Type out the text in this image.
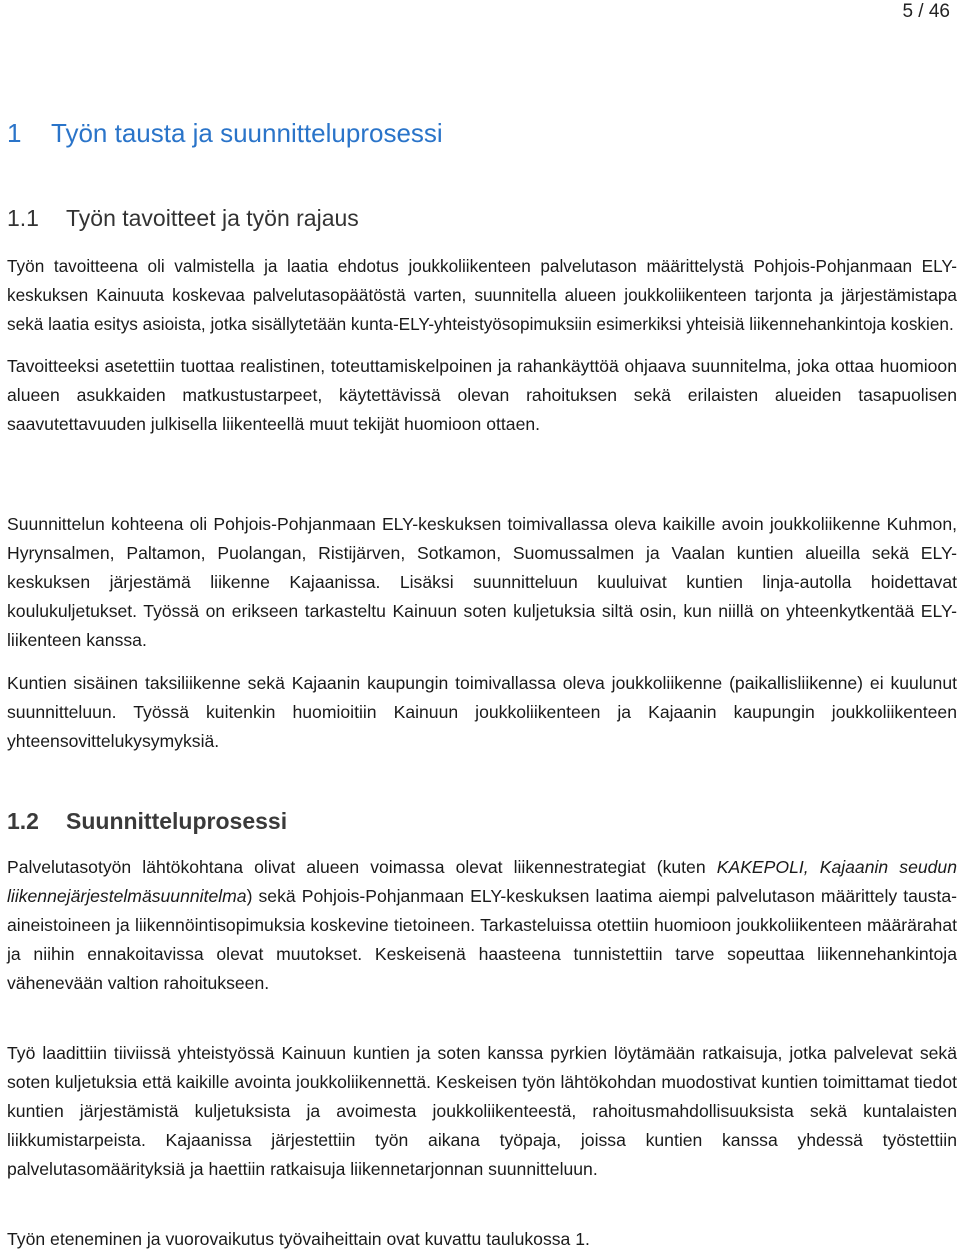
5 / 46
1 Työn tausta ja suunnitteluprosessi
1.1 Työn tavoitteet ja työn rajaus

Työn tavoitteena oli valmistella ja laatia ehdotus joukkoliikenteen palvelutason määrittelystä Pohjois-Pohjanmaan ELY-keskuksen Kainuuta koskevaa palvelutasopäätöstä varten, suunnitella alueen joukkoliikenteen tarjonta ja järjestämistapa sekä laatia esitys asioista, jotka sisällytetään kunta-ELY-yhteistyösopimuksiin esimerkiksi yhteisiä liikennehankintoja koskien.

Tavoitteeksi asetettiin tuottaa realistinen, toteuttamiskelpoinen ja rahankäyttöä ohjaava suunnitelma, joka ottaa huomioon alueen asukkaiden matkustustarpeet, käytettävissä olevan rahoituksen sekä erilaisten alueiden tasapuolisen saavutettavuuden julkisella liikenteellä muut tekijät huomioon ottaen.

Suunnittelun kohteena oli Pohjois-Pohjanmaan ELY-keskuksen toimivallassa oleva kaikille avoin joukkoliikenne Kuhmon, Hyrynsalmen, Paltamon, Puolangan, Ristijärven, Sotkamon, Suomussalmen ja Vaalan kuntien alueilla sekä ELY-keskuksen järjestämä liikenne Kajaanissa. Lisäksi suunnitteluun kuuluivat kuntien linja-autolla hoidettavat koulukuljetukset. Työssä on erikseen tarkasteltu Kainuun soten kuljetuksia siltä osin, kun niillä on yhteenkytkentää ELY-liikenteen kanssa.

Kuntien sisäinen taksiliikenne sekä Kajaanin kaupungin toimivallassa oleva joukkoliikenne (paikallisliikenne) ei kuulunut suunnitteluun. Työssä kuitenkin huomioitiin Kainuun joukkoliikenteen ja Kajaanin kaupungin joukkoliikenteen yhteensovittelukysymyksiä.

1.2 Suunnitteluprosessi

Palvelutasotyön lähtökohtana olivat alueen voimassa olevat liikennestrategiat (kuten KAKEPOLI, Kajaanin seudun liikennejärjestelmäsuunnitelma) sekä Pohjois-Pohjanmaan ELY-keskuksen laatima aiempi palvelutason määrittely tausta-aineistoineen ja liikennöintisopimuksia koskevine tietoineen. Tarkasteluissa otettiin huomioon joukkoliikenteen määrärahat ja niihin ennakoitavissa olevat muutokset. Keskeisenä haasteena tunnistettiin tarve sopeuttaa liikennehankintoja vähenevään valtion rahoitukseen.

Työ laadittiin tiiviissä yhteistyössä Kainuun kuntien ja soten kanssa pyrkien löytämään ratkaisuja, jotka palvelevat sekä soten kuljetuksia että kaikille avointa joukkoliikennettä. Keskeisen työn lähtökohdan muodostivat kuntien toimittamat tiedot kuntien järjestämistä kuljetuksista ja avoimesta joukkoliikenteestä, rahoitusmahdollisuuksista sekä kuntalaisten liikkumistarpeista. Kajaanissa järjestettiin työn aikana työpaja, joissa kuntien kanssa yhdessä työstettiin palvelutasomäärityksiä ja haettiin ratkaisuja liikennetarjonnan suunnitteluun.

Työn eteneminen ja vuorovaikutus työvaiheittain ovat kuvattu taulukossa 1.
